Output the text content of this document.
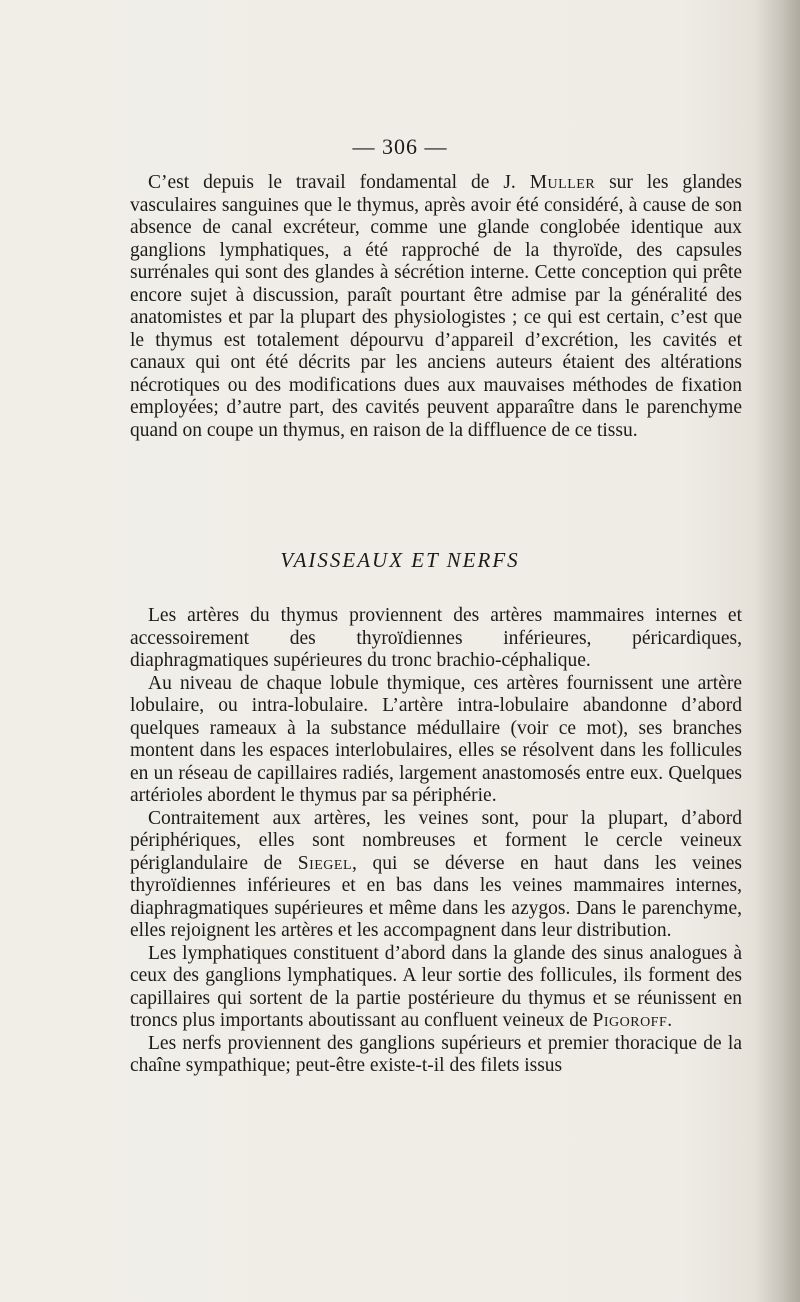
— 306 —

C’est depuis le travail fondamental de J. Muller sur les glandes vasculaires sanguines que le thymus, après avoir été considéré, à cause de son absence de canal excréteur, comme une glande conglobée identique aux ganglions lymphatiques, a été rapproché de la thyroïde, des capsules surrénales qui sont des glandes à sécrétion interne. Cette conception qui prête encore sujet à discussion, paraît pourtant être admise par la généralité des anatomistes et par la plupart des physiologistes ; ce qui est certain, c’est que le thymus est totalement dépourvu d’appareil d’excrétion, les cavités et canaux qui ont été décrits par les anciens auteurs étaient des altérations nécrotiques ou des modifications dues aux mauvaises méthodes de fixation employées; d’autre part, des cavités peuvent apparaître dans le parenchyme quand on coupe un thymus, en raison de la diffluence de ce tissu.

VAISSEAUX ET NERFS

Les artères du thymus proviennent des artères mammaires internes et accessoirement des thyroïdiennes inférieures, péricardiques, diaphragmatiques supérieures du tronc brachio-céphalique.

Au niveau de chaque lobule thymique, ces artères fournissent une artère lobulaire, ou intra-lobulaire. L’artère intra-lobulaire abandonne d’abord quelques rameaux à la substance médullaire (voir ce mot), ses branches montent dans les espaces interlobulaires, elles se résolvent dans les follicules en un réseau de capillaires radiés, largement anastomosés entre eux. Quelques artérioles abordent le thymus par sa périphérie.

Contraitement aux artères, les veines sont, pour la plupart, d’abord périphériques, elles sont nombreuses et forment le cercle veineux périglandulaire de Siegel, qui se déverse en haut dans les veines thyroïdiennes inférieures et en bas dans les veines mammaires internes, diaphragmatiques supérieures et même dans les azygos. Dans le parenchyme, elles rejoignent les artères et les accompagnent dans leur distribution.

Les lymphatiques constituent d’abord dans la glande des sinus analogues à ceux des ganglions lymphatiques. A leur sortie des follicules, ils forment des capillaires qui sortent de la partie postérieure du thymus et se réunissent en troncs plus importants aboutissant au confluent veineux de Pigoroff.

Les nerfs proviennent des ganglions supérieurs et premier thoracique de la chaîne sympathique; peut-être existe-t-il des filets issus
